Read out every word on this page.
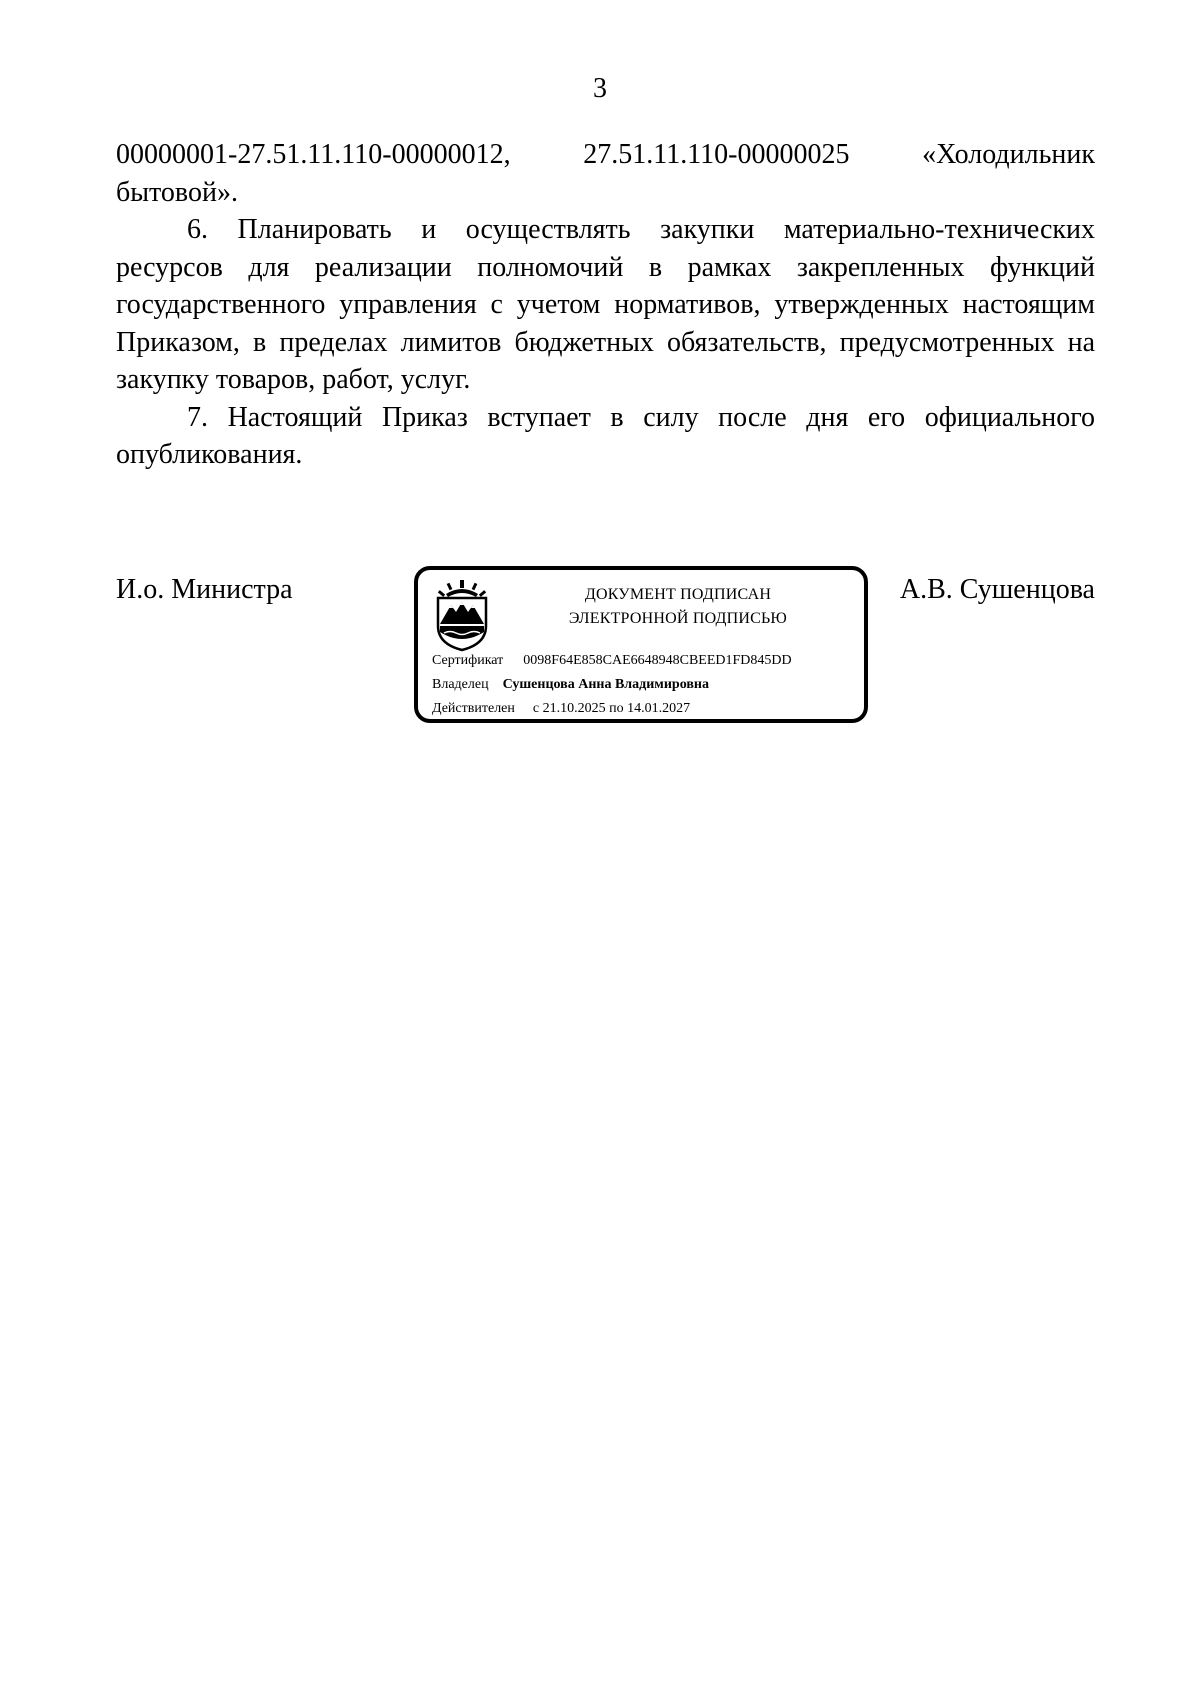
3
00000001-27.51.11.110-00000012,	27.51.11.110-00000025	«Холодильник
бытовой».

6. Планировать и осуществлять закупки материально-технических ресурсов для реализации полномочий в рамках закрепленных функций государственного управления с учетом нормативов, утвержденных настоящим Приказом, в пределах лимитов бюджетных обязательств, предусмотренных на закупку товаров, работ, услуг.

7. Настоящий Приказ вступает в силу после дня его официального опубликования.

И.о. Министра	ДОКУМЕНТ ПОДПИСАН
ЭЛЕКТРОННОЙ ПОДПИСЬЮ
Сертификат 0098F64E858CAE6648948CBEED1FD845DD
Владелец Сушенцова Анна Владимировна
Действителен с 21.10.2025 по 14.01.2027
А.В. Сушенцова
